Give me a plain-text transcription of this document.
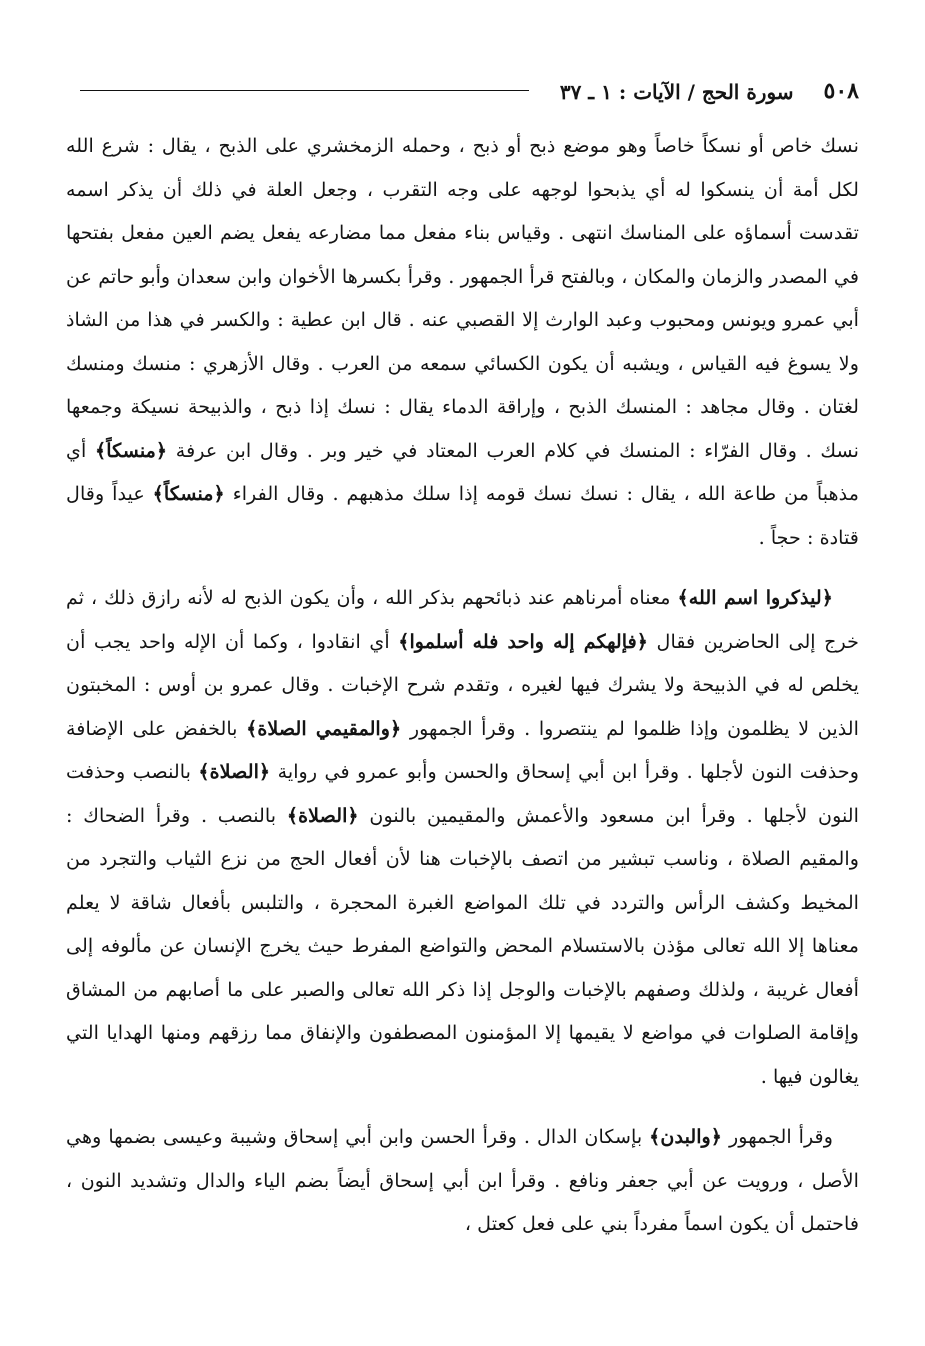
٥٠٨
سورة الحج / الآيات : ١ ـ ٣٧

نسك خاص أو نسكاً خاصاً وهو موضع ذبح أو ذبح ، وحمله الزمخشري على الذبح ، يقال : شرع الله لكل أمة أن ينسكوا له أي يذبحوا لوجهه على وجه التقرب ، وجعل العلة في ذلك أن يذكر اسمه تقدست أسماؤه على المناسك انتهى . وقياس بناء مفعل مما مضارعه يفعل يضم العين مفعل بفتحها في المصدر والزمان والمكان ، وبالفتح قرأ الجمهور . وقرأ بكسرها الأخوان وابن سعدان وأبو حاتم عن أبي عمرو ويونس ومحبوب وعبد الوارث إلا القصبي عنه . قال ابن عطية : والكسر في هذا من الشاذ ولا يسوغ فيه القياس ، ويشبه أن يكون الكسائي سمعه من العرب . وقال الأزهري : منسك ومنسك لغتان . وقال مجاهد : المنسك الذبح ، وإراقة الدماء يقال : نسك إذا ذبح ، والذبيحة نسيكة وجمعها نسك . وقال الفرّاء : المنسك في كلام العرب المعتاد في خير وبر . وقال ابن عرفة ﴿منسكاً﴾ أي مذهباً من طاعة الله ، يقال : نسك نسك قومه إذا سلك مذهبهم . وقال الفراء ﴿منسكاً﴾ عيداً وقال قتادة : حجاً .

﴿ليذكروا اسم الله﴾ معناه أمرناهم عند ذبائحهم بذكر الله ، وأن يكون الذبح له لأنه رازق ذلك ، ثم خرج إلى الحاضرين فقال ﴿فإلهكم إله واحد فله أسلموا﴾ أي انقادوا ، وكما أن الإله واحد يجب أن يخلص له في الذبيحة ولا يشرك فيها لغيره ، وتقدم شرح الإخبات . وقال عمرو بن أوس : المخبتون الذين لا يظلمون وإذا ظلموا لم ينتصروا . وقرأ الجمهور ﴿والمقيمي الصلاة﴾ بالخفض على الإضافة وحذفت النون لأجلها . وقرأ ابن أبي إسحاق والحسن وأبو عمرو في رواية ﴿الصلاة﴾ بالنصب وحذفت النون لأجلها . وقرأ ابن مسعود والأعمش والمقيمين بالنون ﴿الصلاة﴾ بالنصب . وقرأ الضحاك : والمقيم الصلاة ، وناسب تبشير من اتصف بالإخبات هنا لأن أفعال الحج من نزع الثياب والتجرد من المخيط وكشف الرأس والتردد في تلك المواضع الغبرة المحجرة ، والتلبس بأفعال شاقة لا يعلم معناها إلا الله تعالى مؤذن بالاستسلام المحض والتواضع المفرط حيث يخرج الإنسان عن مألوفه إلى أفعال غريبة ، ولذلك وصفهم بالإخبات والوجل إذا ذكر الله تعالى والصبر على ما أصابهم من المشاق وإقامة الصلوات في مواضع لا يقيمها إلا المؤمنون المصطفون والإنفاق مما رزقهم ومنها الهدايا التي يغالون فيها .

وقرأ الجمهور ﴿والبدن﴾ بإسكان الدال . وقرأ الحسن وابن أبي إسحاق وشيبة وعيسى بضمها وهي الأصل ، ورويت عن أبي جعفر ونافع . وقرأ ابن أبي إسحاق أيضاً بضم الياء والدال وتشديد النون ، فاحتمل أن يكون اسماً مفرداً بني على فعل كعتل ،
